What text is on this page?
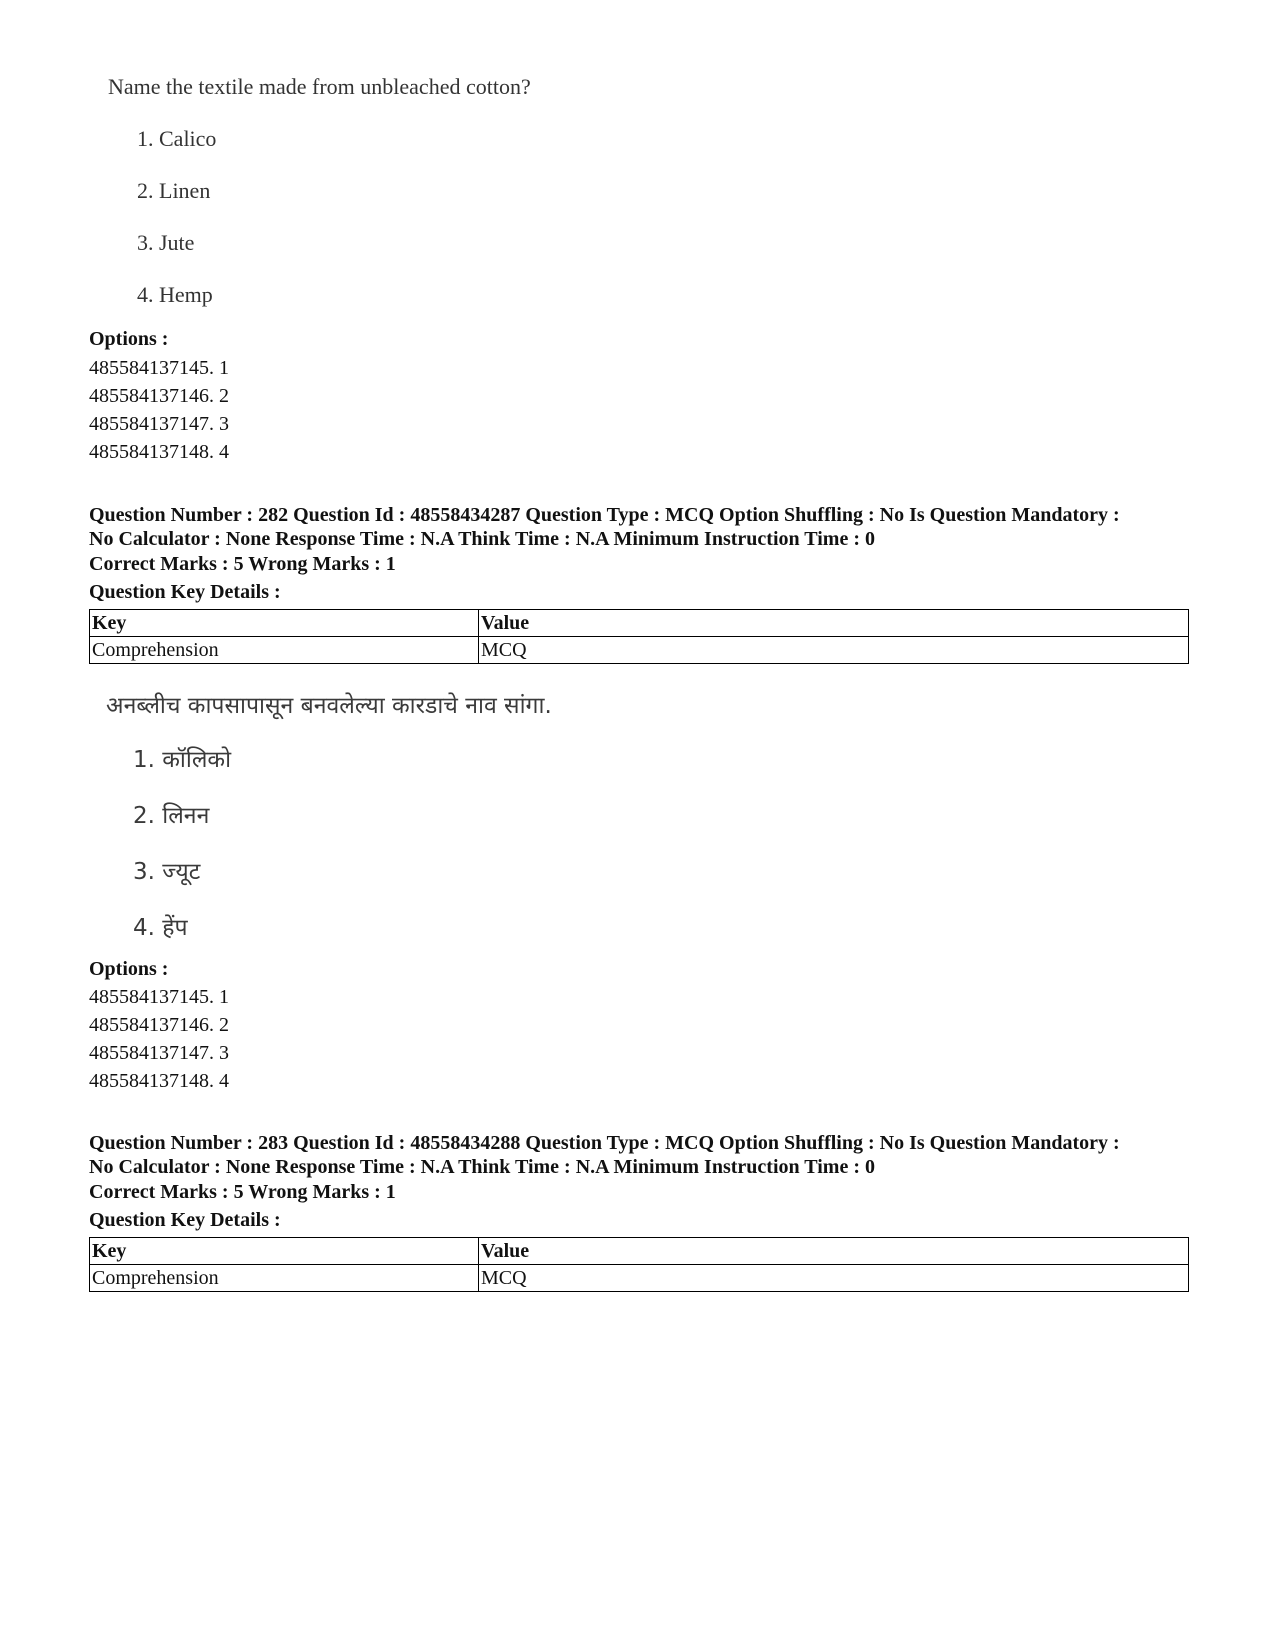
Name the textile made from unbleached cotton?
1. Calico
2. Linen
3. Jute
4. Hemp
Options :
485584137145. 1
485584137146. 2
485584137147. 3
485584137148. 4
Question Number : 282 Question Id : 48558434287 Question Type : MCQ Option Shuffling : No Is Question Mandatory :
No Calculator : None Response Time : N.A Think Time : N.A Minimum Instruction Time : 0
Correct Marks : 5 Wrong Marks : 1
Question Key Details :
Key	Value
Comprehension	MCQ
अनब्लीच कापसापासून बनवलेल्या कारडाचे नाव सांगा.
1. कॉलिको
2. लिनन
3. ज्यूट
4. हेंप
Options :
485584137145. 1
485584137146. 2
485584137147. 3
485584137148. 4
Question Number : 283 Question Id : 48558434288 Question Type : MCQ Option Shuffling : No Is Question Mandatory :
No Calculator : None Response Time : N.A Think Time : N.A Minimum Instruction Time : 0
Correct Marks : 5 Wrong Marks : 1
Question Key Details :
Key	Value
Comprehension	MCQ
